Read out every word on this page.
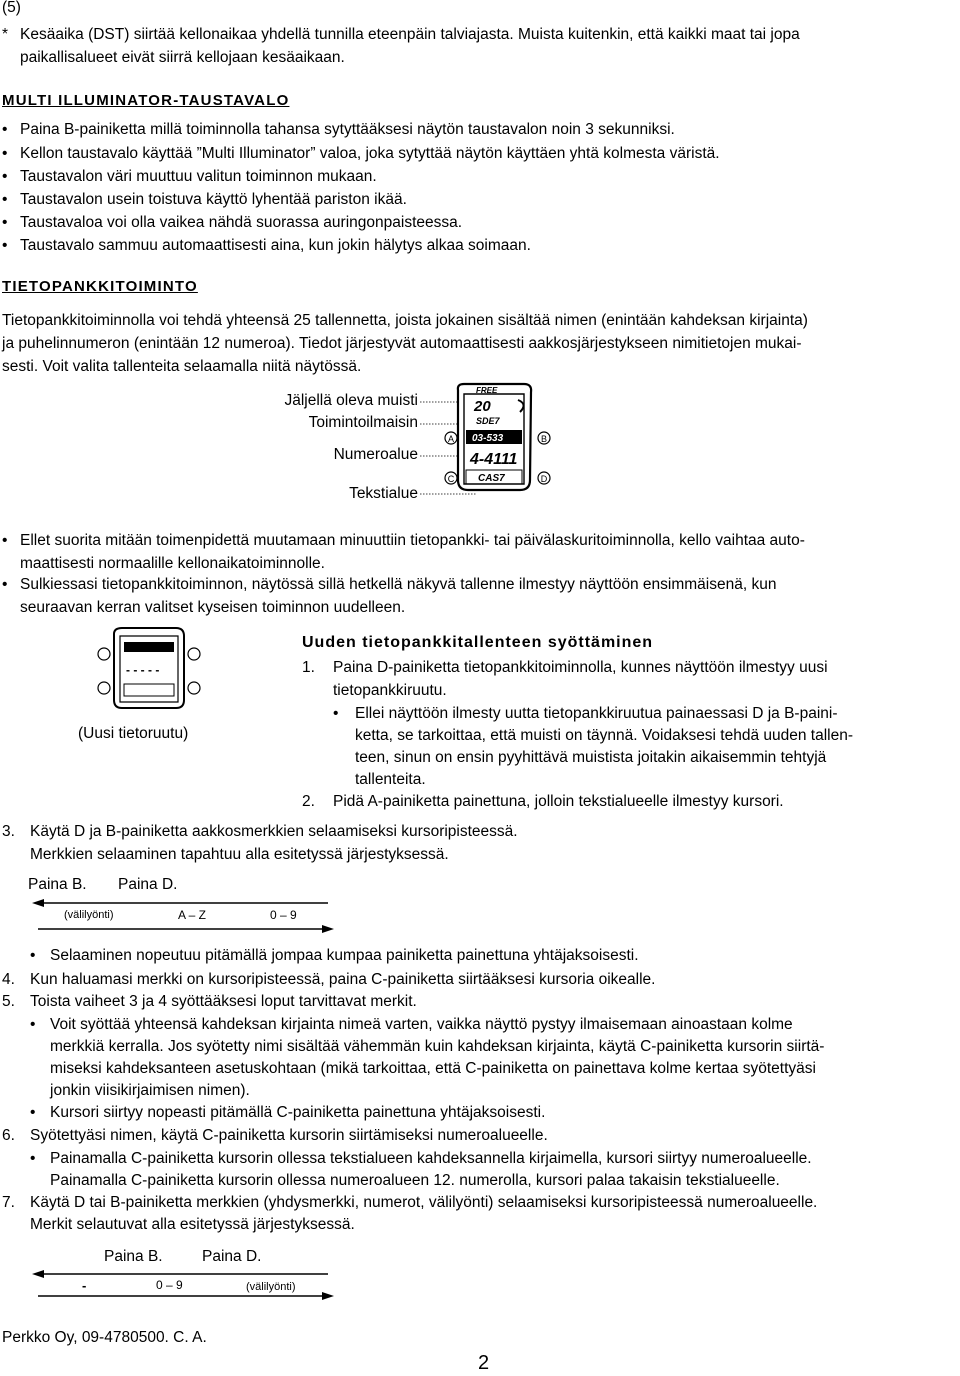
(5)
* Kesäaika (DST) siirtää kellonaikaa yhdellä tunnilla eteenpäin talviajasta. Muista kuitenkin, että kaikki maat tai jopa
paikallisalueet eivät siirrä kellojaan kesäaikaan.
MULTI ILLUMINATOR-TAUSTAVALO
• Paina B-painiketta millä toiminnolla tahansa sytyttääksesi näytön taustavalon noin 3 sekunniksi.
• Kellon taustavalo käyttää ”Multi Illuminator” valoa, joka sytyttää näytön käyttäen yhtä kolmesta väristä.
• Taustavalon väri muuttuu valitun toiminnon mukaan.
• Taustavalon usein toistuva käyttö lyhentää pariston ikää.
• Taustavaloa voi olla vaikea nähdä suorassa auringonpaisteessa.
• Taustavalo sammuu automaattisesti aina, kun jokin hälytys alkaa soimaan.
TIETOPANKKITOIMINTO
Tietopankkitoiminnolla voi tehdä yhteensä 25 tallennetta, joista jokainen sisältää nimen (enintään kahdeksan kirjainta)
ja puhelinnumeron (enintään 12 numeroa). Tiedot järjestyvät automaattisesti aakkosjärjestykseen nimitietojen mukai-
sesti. Voit valita tallenteita selaamalla niitä näytössä.
Jäljellä oleva muisti
Toimintoilmaisin
Numeroalue
Tekstialue
A	B
C	D
FREE
20
SDE7
03-533
4-4111
CAS7
• Ellet suorita mitään toimenpidettä muutamaan minuuttiin tietopankki- tai päivälaskuritoiminnolla, kello vaihtaa auto-
maattisesti normaalille kellonaikatoiminnolle.
• Sulkiessasi tietopankkitoiminnon, näytössä sillä hetkellä näkyvä tallenne ilmestyy näyttöön ensimmäisenä, kun
seuraavan kerran valitset kyseisen toiminnon uudelleen.
- - - - -
(Uusi tietoruutu)
Uuden tietopankkitallenteen syöttäminen
1. Paina D-painiketta tietopankkitoiminnolla, kunnes näyttöön ilmestyy uusi
tietopankkiruutu.
• Ellei näyttöön ilmesty uutta tietopankkiruutua painaessasi D ja B-paini-
ketta, se tarkoittaa, että muisti on täynnä. Voidaksesi tehdä uuden tallen-
teen, sinun on ensin pyyhittävä muistista joitakin aikaisemmin tehtyjä
tallenteita.
2. Pidä A-painiketta painettuna, jolloin tekstialueelle ilmestyy kursori.
3. Käytä D ja B-painiketta aakkosmerkkien selaamiseksi kursoripisteessä.
Merkkien selaaminen tapahtuu alla esitetyssä järjestyksessä.
Paina B. Paina D.
(välilyönti)	A – Z	0 – 9
• Selaaminen nopeutuu pitämällä jompaa kumpaa painiketta painettuna yhtäjaksoisesti.
4. Kun haluamasi merkki on kursoripisteessä, paina C-painiketta siirtääksesi kursoria oikealle.
5. Toista vaiheet 3 ja 4 syöttääksesi loput tarvittavat merkit.
• Voit syöttää yhteensä kahdeksan kirjainta nimeä varten, vaikka näyttö pystyy ilmaisemaan ainoastaan kolme
merkkiä kerralla. Jos syötetty nimi sisältää vähemmän kuin kahdeksan kirjainta, käytä C-painiketta kursorin siirtä-
miseksi kahdeksanteen asetuskohtaan (mikä tarkoittaa, että C-painiketta on painettava kolme kertaa syötettyäsi
jonkin viisikirjaimisen nimen).
• Kursori siirtyy nopeasti pitämällä C-painiketta painettuna yhtäjaksoisesti.
6. Syötettyäsi nimen, käytä C-painiketta kursorin siirtämiseksi numeroalueelle.
• Painamalla C-painiketta kursorin ollessa tekstialueen kahdeksannella kirjaimella, kursori siirtyy numeroalueelle.
Painamalla C-painiketta kursorin ollessa numeroalueen 12. numerolla, kursori palaa takaisin tekstialueelle.
7. Käytä D tai B-painiketta merkkien (yhdysmerkki, numerot, välilyönti) selaamiseksi kursoripisteessä numeroalueelle.
Merkit selautuvat alla esitetyssä järjestyksessä.
Paina B.	Paina D.
-	0 – 9	(välilyönti)
Perkko Oy, 09-4780500. C. A.
2
